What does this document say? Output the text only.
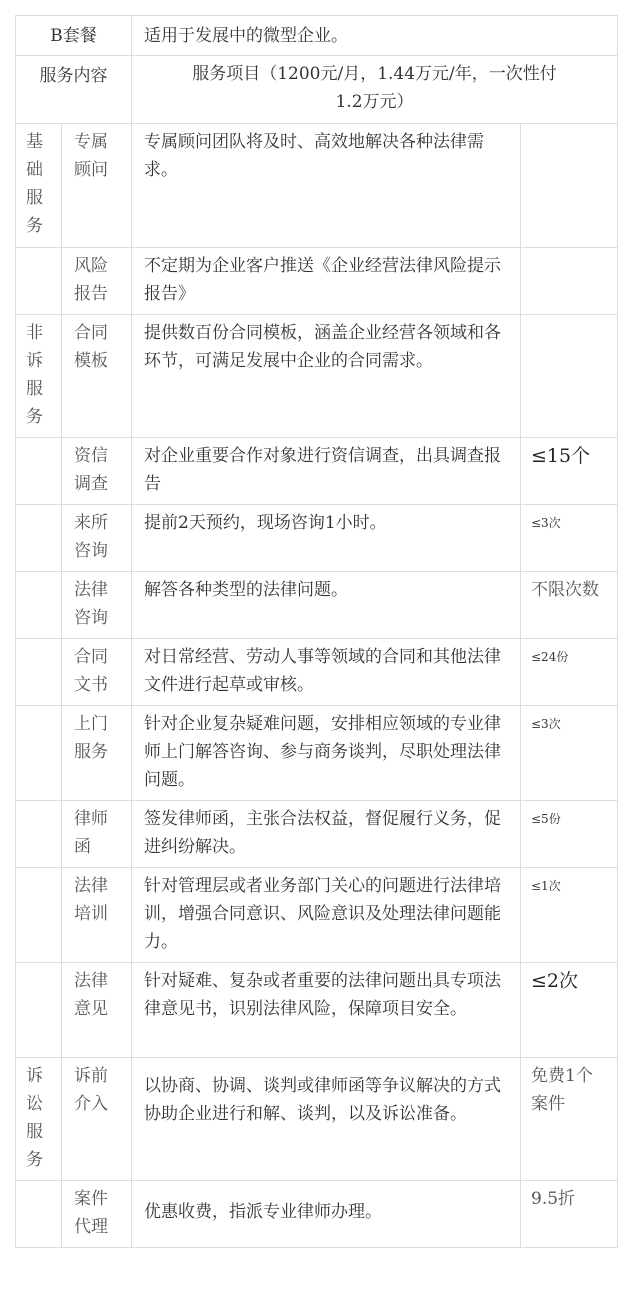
B套餐		适用于发展中的微型企业。	
服务内容		服务项目（1200元/月，1.44万元/年，一次性付
1.2万元）	
基础服务	专属顾问	专属顾问团队将及时、高效地解决各种法律需求。	
	风险报告	不定期为企业客户推送《企业经营法律风险提示报告》	
非诉服务	合同模板	提供数百份合同模板，涵盖企业经营各领域和各环节，可满足发展中企业的合同需求。	
	资信调查	对企业重要合作对象进行资信调查，出具调查报告	≤15个
	来所咨询	提前2天预约，现场咨询1小时。	≤3次
	法律咨询	解答各种类型的法律问题。	不限次数
	合同文书	对日常经营、劳动人事等领域的合同和其他法律文件进行起草或审核。	≤24份
	上门服务	针对企业复杂疑难问题，安排相应领域的专业律师上门解答咨询、参与商务谈判，尽职处理法律问题。	≤3次
	律师函	签发律师函，主张合法权益，督促履行义务，促进纠纷解决。	≤5份
	法律培训	针对管理层或者业务部门关心的问题进行法律培训，增强合同意识、风险意识及处理法律问题能力。	≤1次
	法律意见	针对疑难、复杂或者重要的法律问题出具专项法律意见书，识别法律风险，保障项目安全。	≤2次
诉讼服务	诉前介入	以协商、协调、谈判或律师函等争议解决的方式协助企业进行和解、谈判，以及诉讼准备。	免费1个案件
	案件代理	优惠收费，指派专业律师办理。	9.5折
